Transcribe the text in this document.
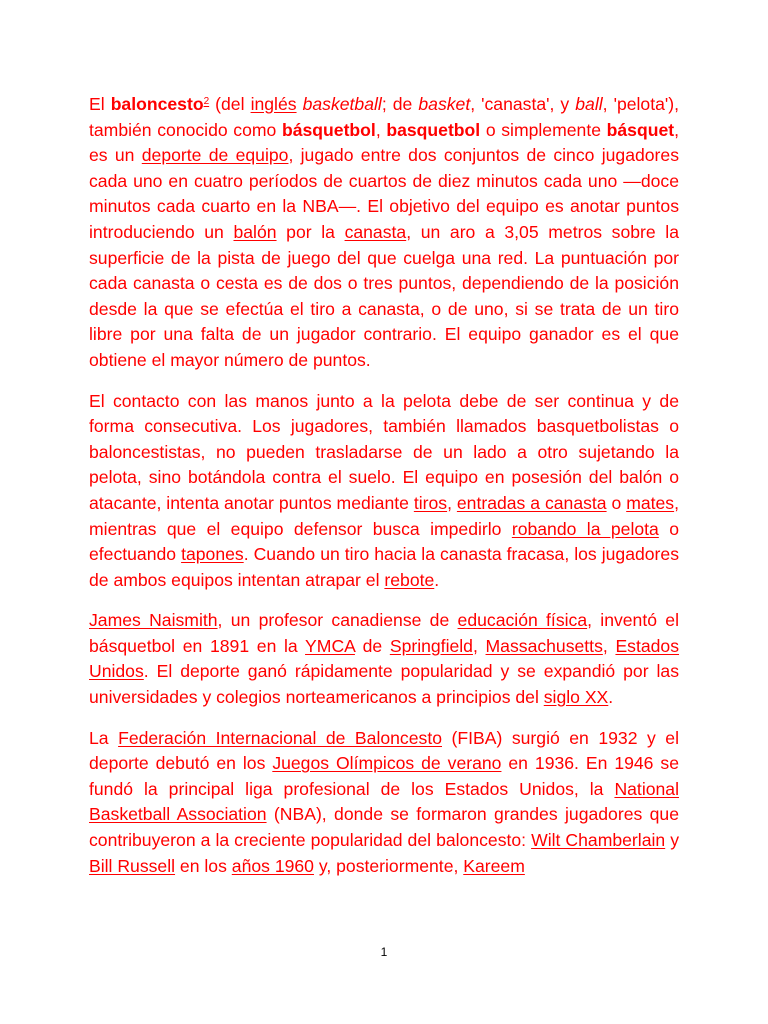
El baloncesto$^2$ (del inglés basketball; de basket, 'canasta', y ball, 'pelota'), también conocido como básquetbol, basquetbol o simplemente básquet, es un deporte de equipo, jugado entre dos conjuntos de cinco jugadores cada uno en cuatro períodos de cuartos de diez minutos cada uno —doce minutos cada cuarto en la NBA—. El objetivo del equipo es anotar puntos introduciendo un balón por la canasta, un aro a 3,05 metros sobre la superficie de la pista de juego del que cuelga una red. La puntuación por cada canasta o cesta es de dos o tres puntos, dependiendo de la posición desde la que se efectúa el tiro a canasta, o de uno, si se trata de un tiro libre por una falta de un jugador contrario. El equipo ganador es el que obtiene el mayor número de puntos.

El contacto con las manos junto a la pelota debe de ser continua y de forma consecutiva. Los jugadores, también llamados basquetbolistas o baloncestistas, no pueden trasladarse de un lado a otro sujetando la pelota, sino botándola contra el suelo. El equipo en posesión del balón o atacante, intenta anotar puntos mediante tiros, entradas a canasta o mates, mientras que el equipo defensor busca impedirlo robando la pelota o efectuando tapones. Cuando un tiro hacia la canasta fracasa, los jugadores de ambos equipos intentan atrapar el rebote.

James Naismith, un profesor canadiense de educación física, inventó el básquetbol en 1891 en la YMCA de Springfield, Massachusetts, Estados Unidos. El deporte ganó rápidamente popularidad y se expandió por las universidades y colegios norteamericanos a principios del siglo XX.

La Federación Internacional de Baloncesto (FIBA) surgió en 1932 y el deporte debutó en los Juegos Olímpicos de verano en 1936. En 1946 se fundó la principal liga profesional de los Estados Unidos, la National Basketball Association (NBA), donde se formaron grandes jugadores que contribuyeron a la creciente popularidad del baloncesto: Wilt Chamberlain y Bill Russell en los años 1960 y, posteriormente, Kareem

1
